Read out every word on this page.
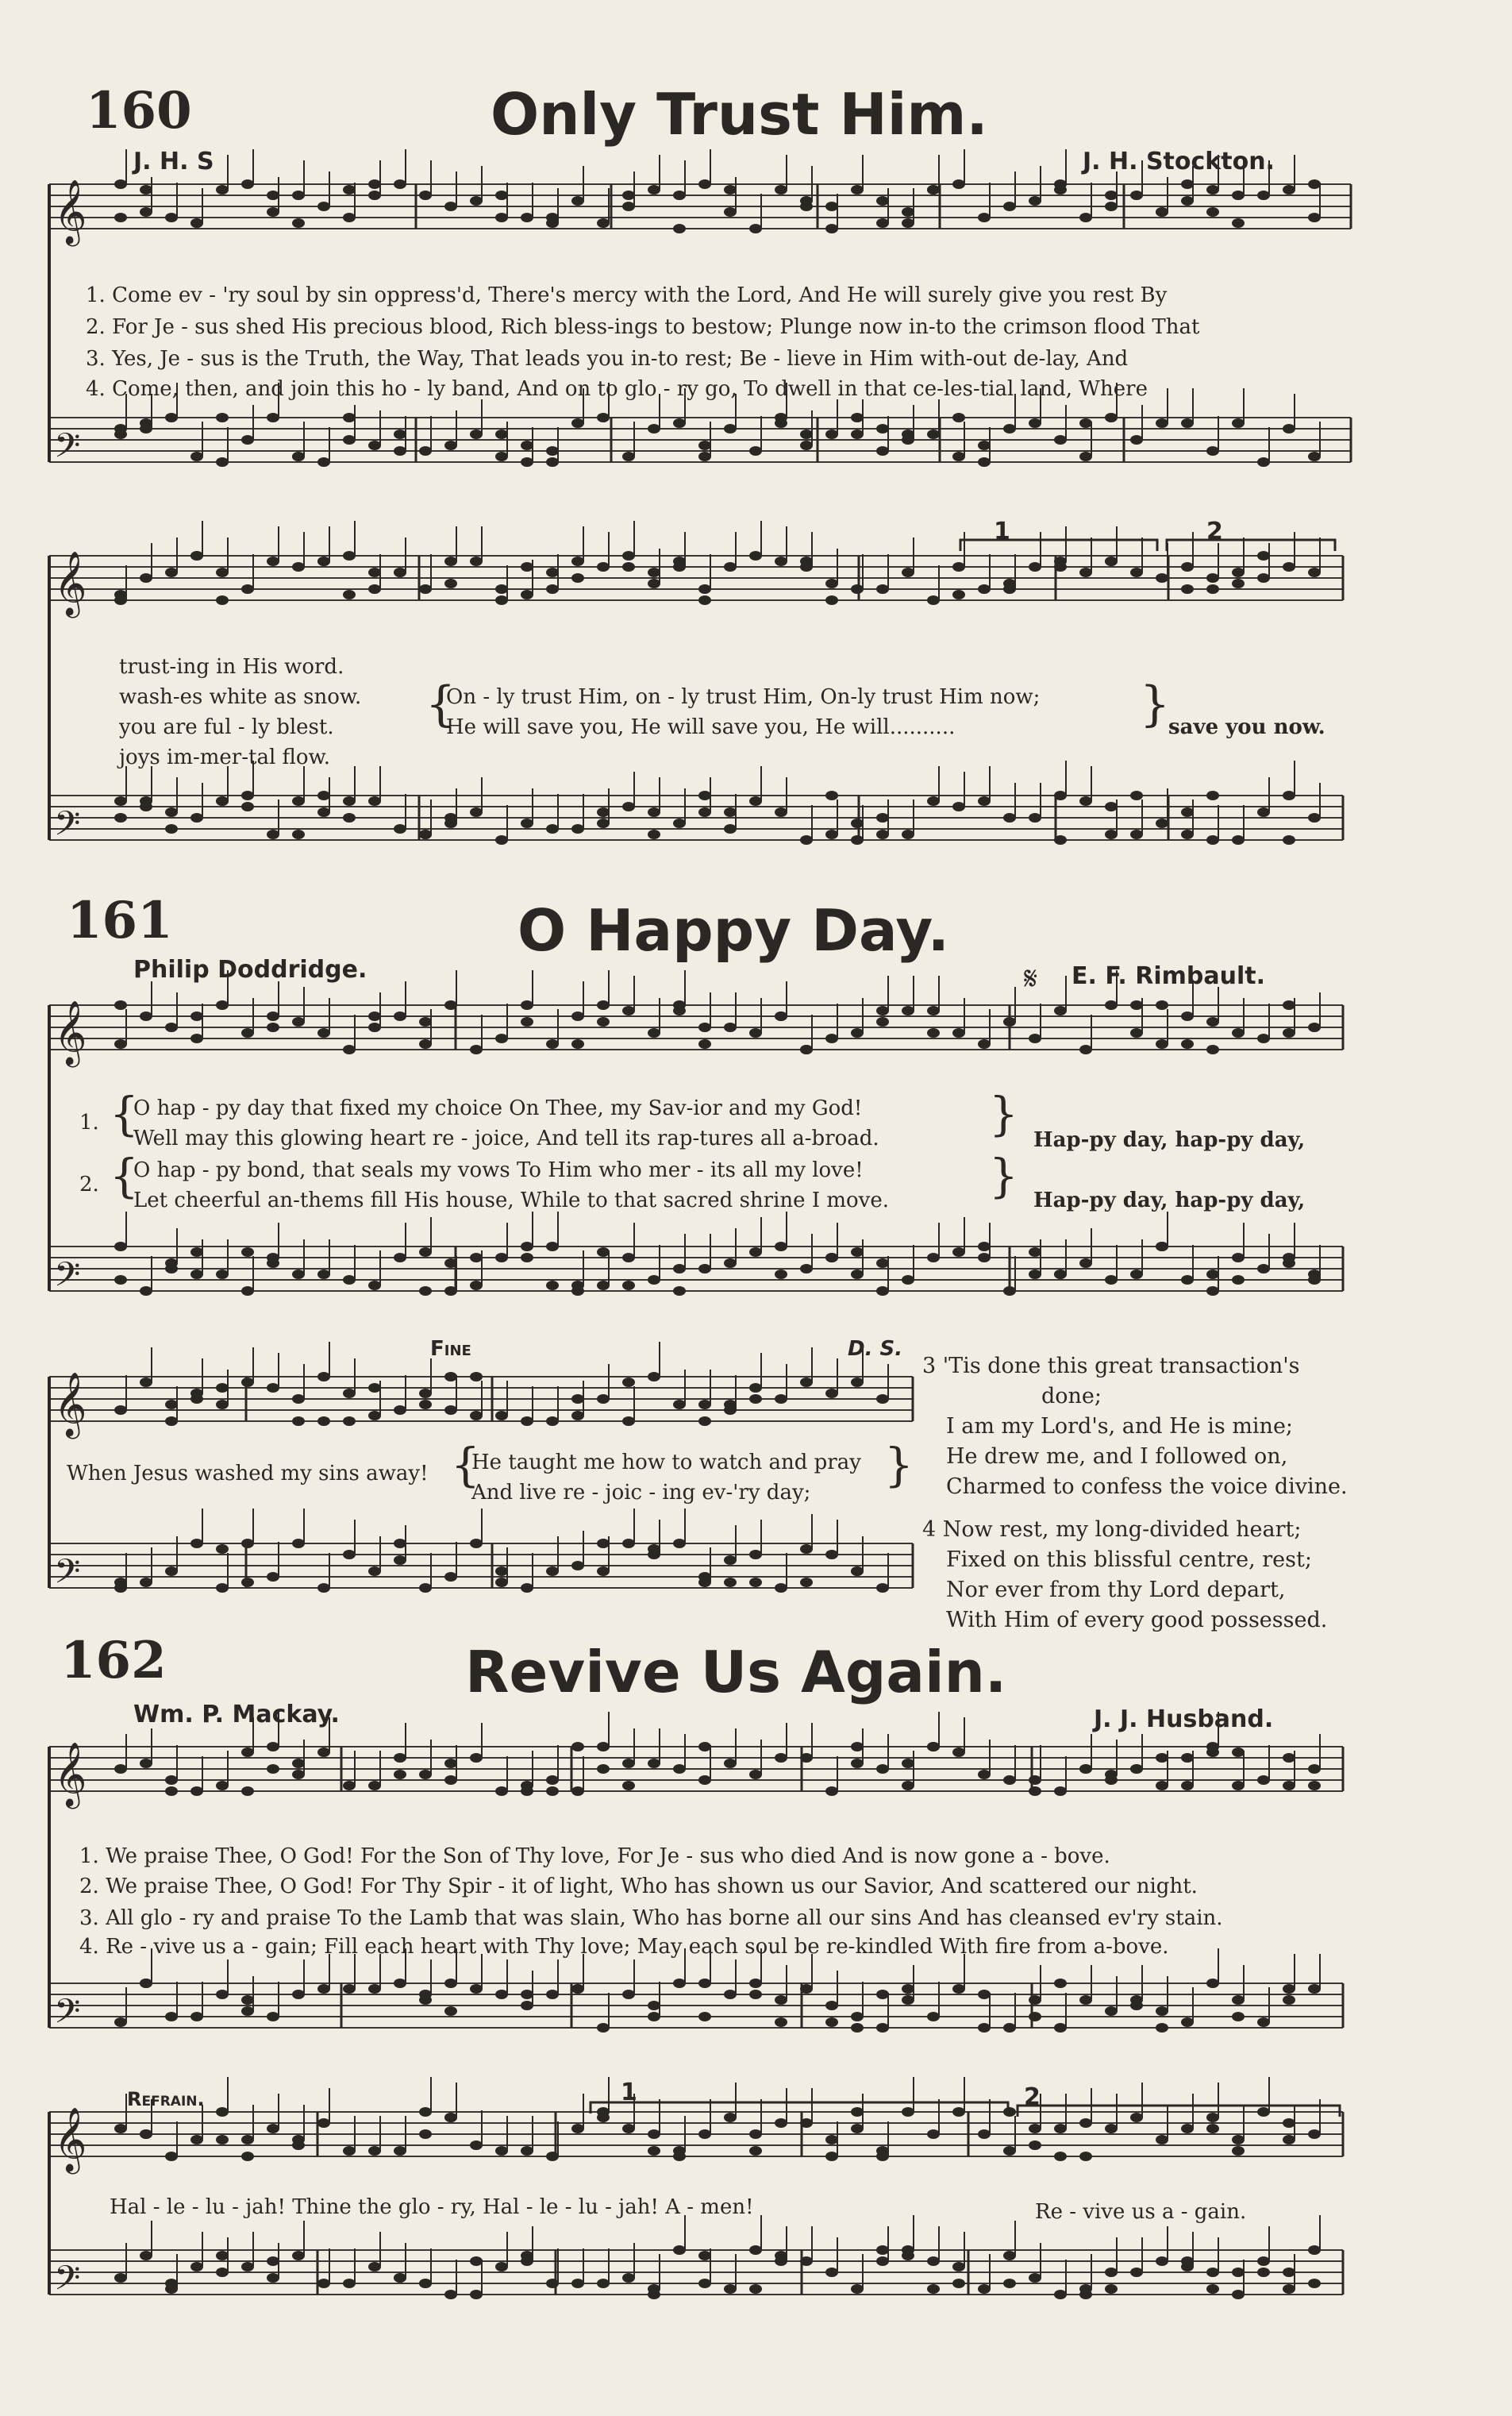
𝄞
𝄢
𝄞
𝄢
𝄞
𝄢
𝄞
𝄢
𝄞
𝄢
𝄞
𝄢
160	Only Trust Him.
J. H. S	J. H. Stockton.
1. Come ev - 'ry soul by sin oppress'd, There's mercy with the Lord, And He will surely give you rest By
2. For Je - sus shed His precious blood, Rich bless-ings to bestow; Plunge now in-to the crimson flood That
3. Yes, Je - sus is the Truth, the Way, That leads you in-to rest; Be - lieve in Him with-out de-lay, And
4. Come, then, and join this ho - ly band, And on to glo - ry go, To dwell in that ce-les-tial land, Where
1	2
trust-ing in His word.
wash-es white as snow.
you are ful - ly blest.
joys im-mer-tal flow.
{
On - ly trust Him, on - ly trust Him, On-ly trust Him now;
He will save you, He will save you, He will..........	}
save you now.
161	O Happy Day.
Philip Doddridge.	E. F. Rimbault.
𝄋
1. {
O hap - py day that fixed my choice On Thee, my Sav-ior and my God!
Well may this glowing heart re - joice, And tell its rap-tures all a-broad. } Hap-py day, hap-py day,
2. {
O hap - py bond, that seals my vows To Him who mer - its all my love!
Let cheerful an-thems fill His house, While to that sacred shrine I move. } Hap-py day, hap-py day,
Fine	D. S.
When Jesus washed my sins away! {
He taught me how to watch and pray
And live re - joic - ing ev-'ry day;
}
3 'Tis done this great transaction's
done;
I am my Lord's, and He is mine;
He drew me, and I followed on,
Charmed to confess the voice divine.
4 Now rest, my long-divided heart;
Fixed on this blissful centre, rest;
Nor ever from thy Lord depart,
With Him of every good possessed.
162	Revive Us Again.
Wm. P. Mackay.	J. J. Husband.
1. We praise Thee, O God! For the Son of Thy love, For Je - sus who died And is now gone a - bove.
2. We praise Thee, O God! For Thy Spir - it of light, Who has shown us our Savior, And scattered our night.
3. All glo - ry and praise To the Lamb that was slain, Who has borne all our sins And has cleansed ev'ry stain.
4. Re - vive us a - gain; Fill each heart with Thy love; May each soul be re-kindled With fire from a-bove.
Refrain.	1	2
Hal - le - lu - jah! Thine the glo - ry, Hal - le - lu - jah! A - men!	Re - vive us a - gain.
